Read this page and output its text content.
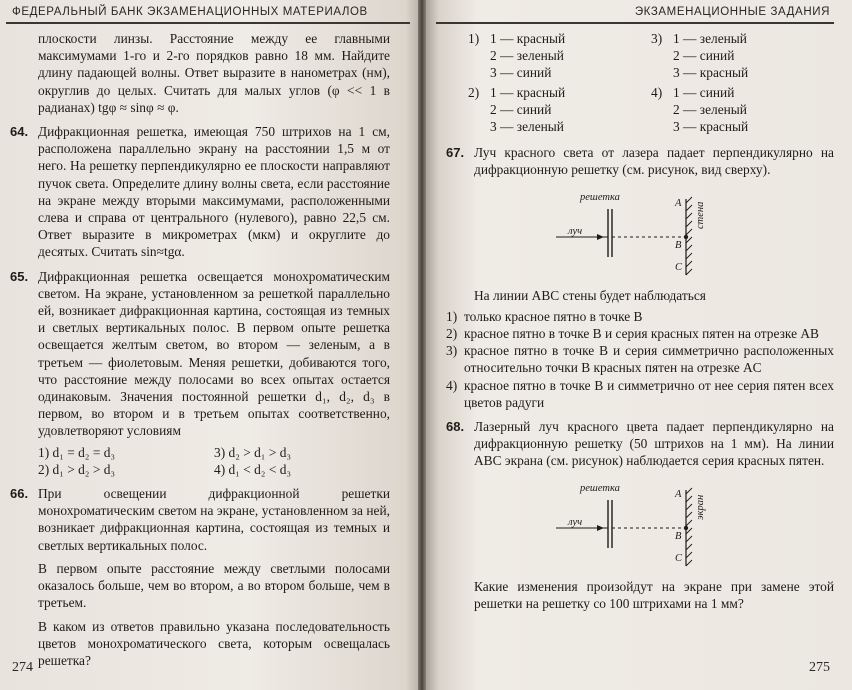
ФЕДЕРАЛЬНЫЙ БАНК ЭКЗАМЕНАЦИОННЫХ МАТЕРИАЛОВ
плоскости линзы. Расстояние между ее главными максимумами 1-го и 2-го порядков равно 18 мм. Найдите длину падающей волны. Ответ выразите в нанометрах (нм), округлив до целых. Считать для малых углов (φ << 1 в радианах) tgφ ≈ sinφ ≈ φ.
64. Дифракционная решетка, имеющая 750 штрихов на 1 см, расположена параллельно экрану на расстоянии 1,5 м от него. На решетку перпендикулярно ее плоскости направляют пучок света. Определите длину волны света, если расстояние на экране между вторыми максимумами, расположенными слева и справа от центрального (нулевого), равно 22,5 см. Ответ выразите в микрометрах (мкм) и округлите до десятых. Считать sin≈tgα.
65. Дифракционная решетка освещается монохроматическим светом. На экране, установленном за решеткой параллельно ей, возникает дифракционная картина, состоящая из темных и светлых вертикальных полос. В первом опыте решетка освещается желтым светом, во втором — зеленым, а в третьем — фиолетовым. Меняя решетки, добиваются того, что расстояние между полосами во всех опытах остается одинаковым. Значения постоянной решетки d₁, d₂, d₃ в первом, во втором и в третьем опытах соответственно, удовлетворяют условиям
1) d₁ = d₂ = d₃	3) d₂ > d₁ > d₃
2) d₁ > d₂ > d₃	4) d₁ < d₂ < d₃
66. При освещении дифракционной решетки монохроматическим светом на экране, установленном за ней, возникает дифракционная картина, состоящая из темных и светлых вертикальных полос.
В первом опыте расстояние между светлыми полосами оказалось больше, чем во втором, а во втором больше, чем в третьем.
В каком из ответов правильно указана последовательность цветов монохроматического света, которым освещалась решетка?
274
ЭКЗАМЕНАЦИОННЫЕ ЗАДАНИЯ
1) 1 — красный
2 — зеленый
3 — синий
3) 1 — зеленый
2 — синий
3 — красный
2) 1 — красный
2 — синий
3 — зеленый
4) 1 — синий
2 — зеленый
3 — красный
67. Луч красного света от лазера падает перпендикулярно на дифракционную решетку (см. рисунок, вид сверху).
решетка
луч
A
B
C
стена
На линии ABC стены будет наблюдаться
1) только красное пятно в точке B
2) красное пятно в точке B и серия красных пятен на отрезке AB
3) красное пятно в точке B и серия симметрично расположенных относительно точки B красных пятен на отрезке AC
4) красное пятно в точке B и симметрично от нее серия пятен всех цветов радуги
68. Лазерный луч красного цвета падает перпендикулярно на дифракционную решетку (50 штрихов на 1 мм). На линии ABC экрана (см. рисунок) наблюдается серия красных пятен.
решетка
луч
A
B
C
экран
Какие изменения произойдут на экране при замене этой решетки на решетку со 100 штрихами на 1 мм?
275
